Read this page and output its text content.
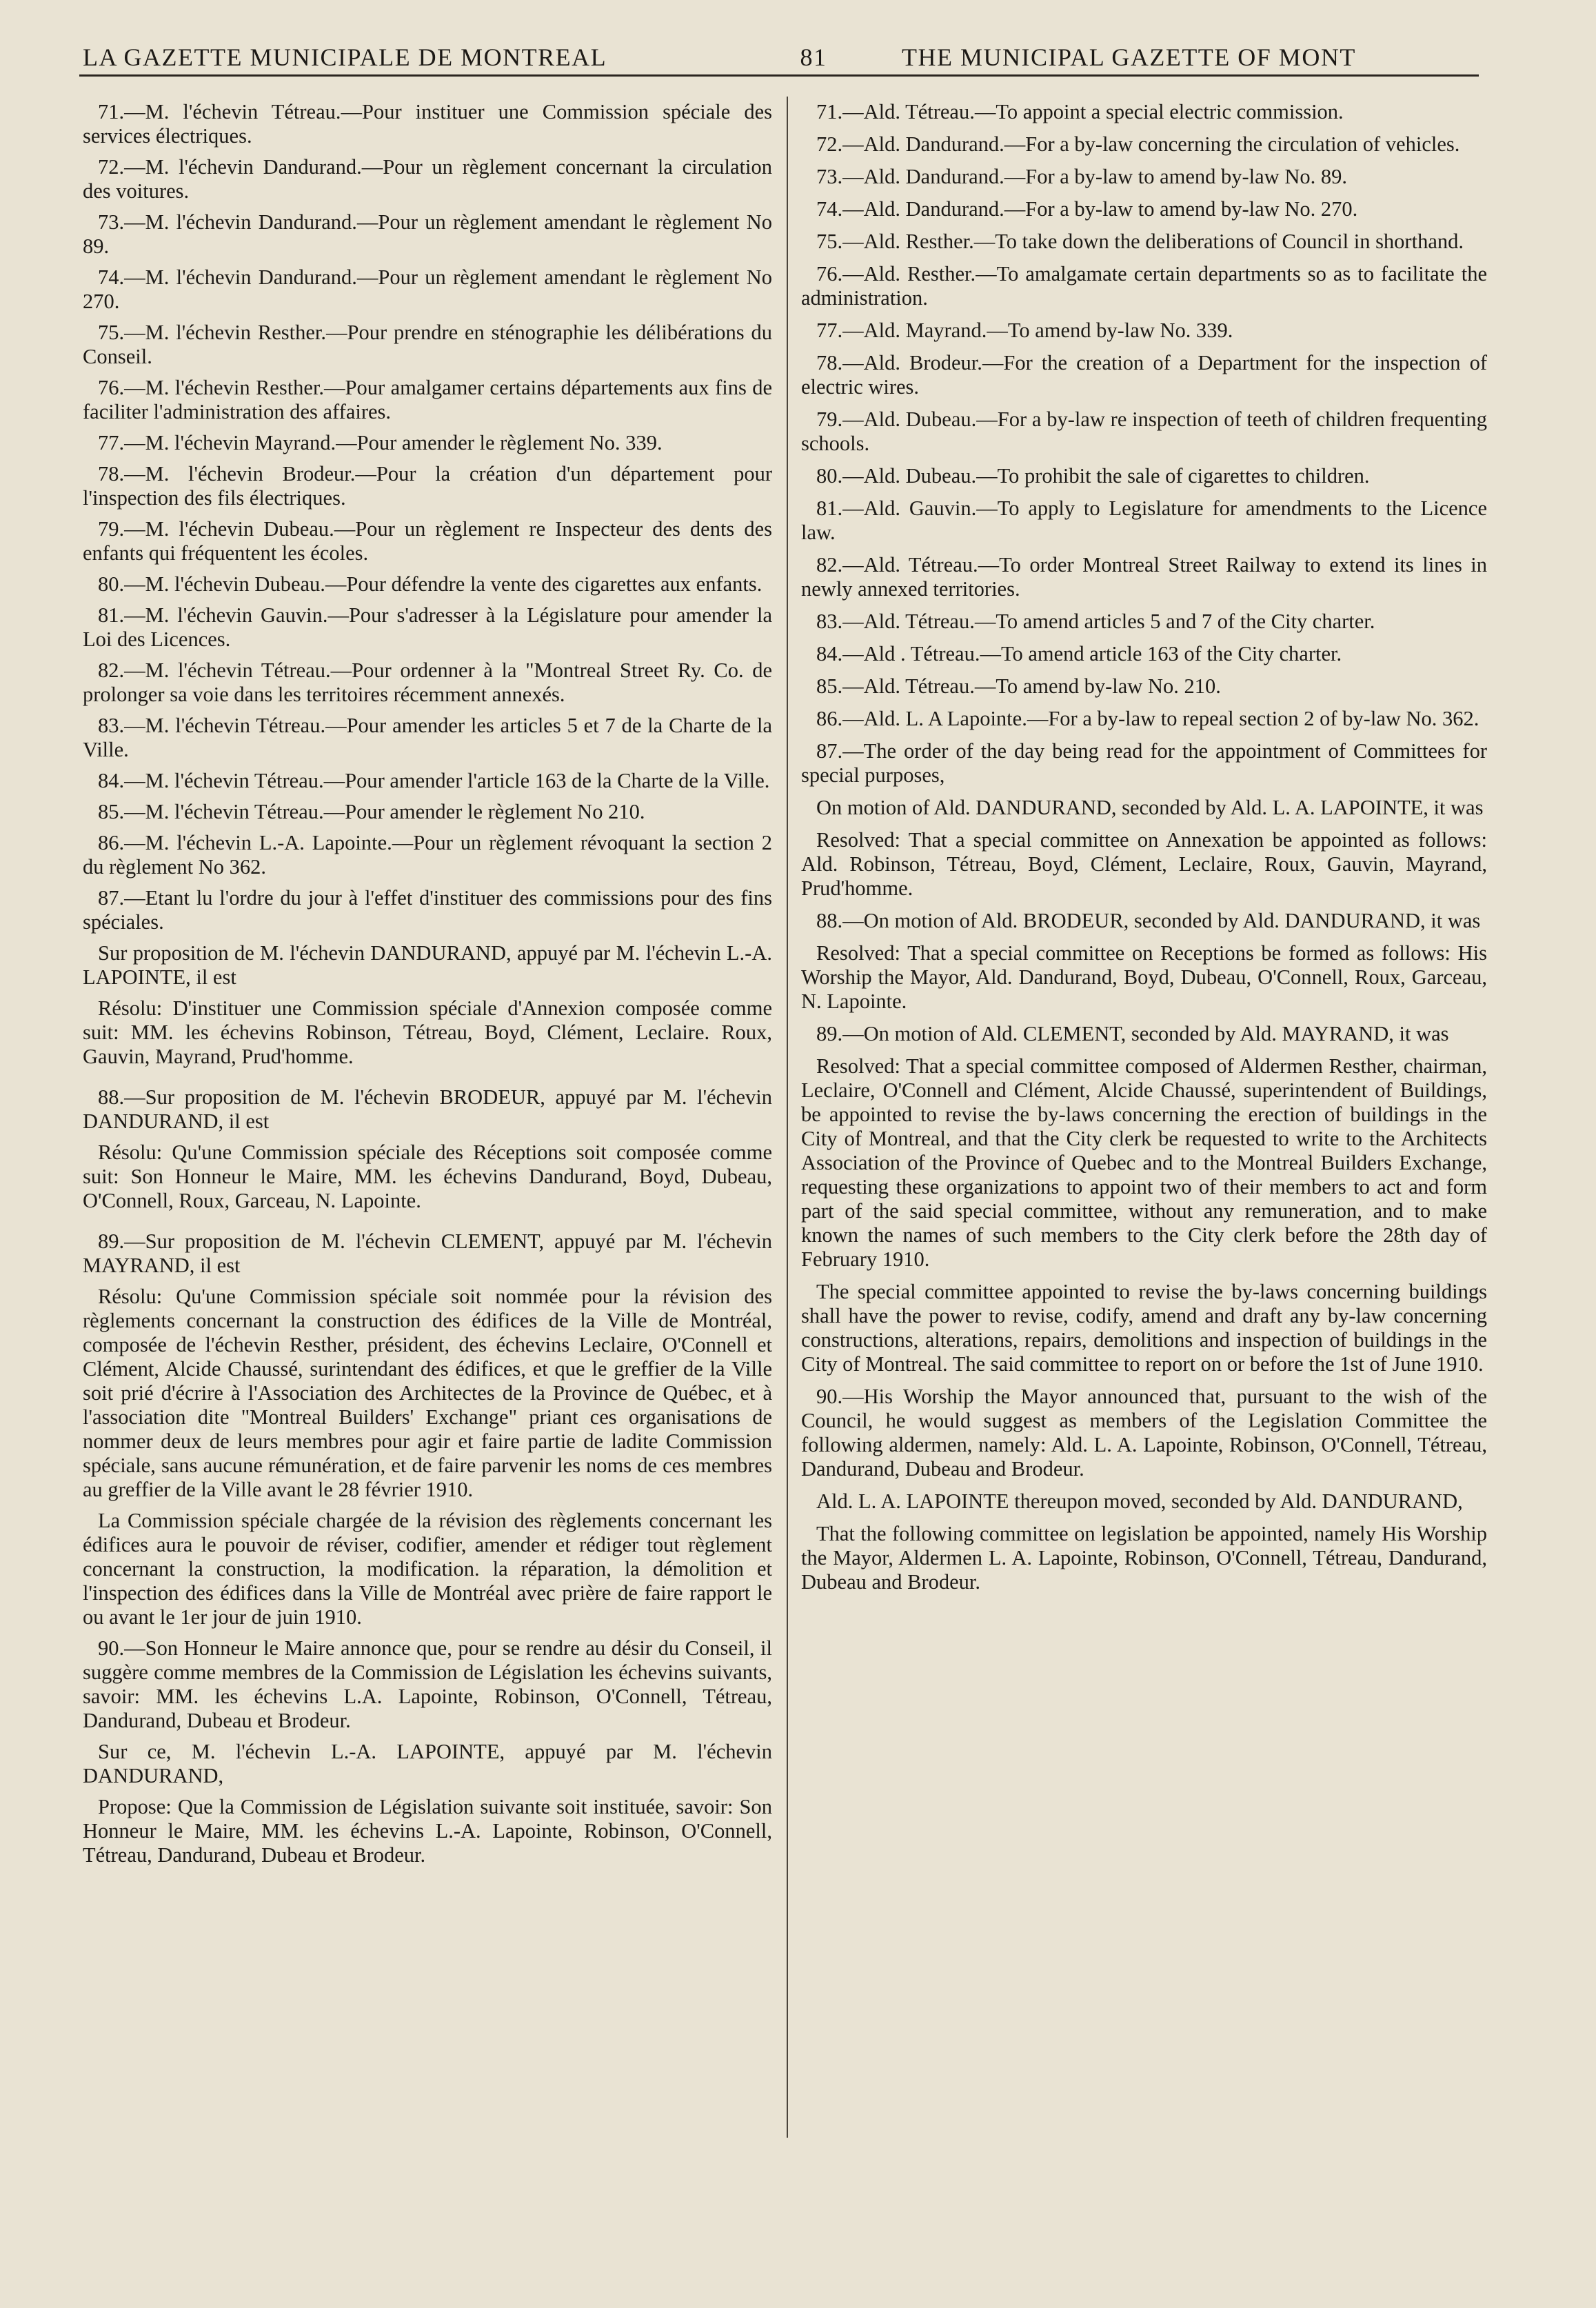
LA GAZETTE MUNICIPALE DE MONTREAL	81	THE MUNICIPAL GAZETTE OF MONT

71.—M. l'échevin Tétreau.—Pour instituer une Commission spéciale des services électriques.

72.—M. l'échevin Dandurand.—Pour un règlement concernant la circulation des voitures.

73.—M. l'échevin Dandurand.—Pour un règlement amendant le règlement No 89.

74.—M. l'échevin Dandurand.—Pour un règlement amendant le règlement No 270.

75.—M. l'échevin Resther.—Pour prendre en sténographie les délibérations du Conseil.

76.—M. l'échevin Resther.—Pour amalgamer certains départements aux fins de faciliter l'administration des affaires.

77.—M. l'échevin Mayrand.—Pour amender le règlement No. 339.

78.—M. l'échevin Brodeur.—Pour la création d'un département pour l'inspection des fils électriques.

79.—M. l'échevin Dubeau.—Pour un règlement re Inspecteur des dents des enfants qui fréquentent les écoles.

80.—M. l'échevin Dubeau.—Pour défendre la vente des cigarettes aux enfants.

81.—M. l'échevin Gauvin.—Pour s'adresser à la Législature pour amender la Loi des Licences.

82.—M. l'échevin Tétreau.—Pour ordenner à la "Montreal Street Ry. Co. de prolonger sa voie dans les territoires récemment annexés.

83.—M. l'échevin Tétreau.—Pour amender les articles 5 et 7 de la Charte de la Ville.

84.—M. l'échevin Tétreau.—Pour amender l'article 163 de la Charte de la Ville.

85.—M. l'échevin Tétreau.—Pour amender le règlement No 210.

86.—M. l'échevin L.-A. Lapointe.—Pour un règlement révoquant la section 2 du règlement No 362.

87.—Etant lu l'ordre du jour à l'effet d'instituer des commissions pour des fins spéciales.

Sur proposition de M. l'échevin DANDURAND, appuyé par M. l'échevin L.-A. LAPOINTE, il est

Résolu: D'instituer une Commission spéciale d'Annexion composée comme suit: MM. les échevins Robinson, Tétreau, Boyd, Clément, Leclaire. Roux, Gauvin, Mayrand, Prud'homme.

88.—Sur proposition de M. l'échevin BRODEUR, appuyé par M. l'échevin DANDURAND, il est

Résolu: Qu'une Commission spéciale des Réceptions soit composée comme suit: Son Honneur le Maire, MM. les échevins Dandurand, Boyd, Dubeau, O'Connell, Roux, Garceau, N. Lapointe.

89.—Sur proposition de M. l'échevin CLEMENT, appuyé par M. l'échevin MAYRAND, il est

Résolu: Qu'une Commission spéciale soit nommée pour la révision des règlements concernant la construction des édifices de la Ville de Montréal, composée de l'échevin Resther, président, des échevins Leclaire, O'Connell et Clément, Alcide Chaussé, surintendant des édifices, et que le greffier de la Ville soit prié d'écrire à l'Association des Architectes de la Province de Québec, et à l'association dite "Montreal Builders' Exchange" priant ces organisations de nommer deux de leurs membres pour agir et faire partie de ladite Commission spéciale, sans aucune rémunération, et de faire parvenir les noms de ces membres au greffier de la Ville avant le 28 février 1910.

La Commission spéciale chargée de la révision des règlements concernant les édifices aura le pouvoir de réviser, codifier, amender et rédiger tout règlement concernant la construction, la modification. la réparation, la démolition et l'inspection des édifices dans la Ville de Montréal avec prière de faire rapport le ou avant le 1er jour de juin 1910.

90.—Son Honneur le Maire annonce que, pour se rendre au désir du Conseil, il suggère comme membres de la Commission de Législation les échevins suivants, savoir: MM. les échevins L.A. Lapointe, Robinson, O'Connell, Tétreau, Dandurand, Dubeau et Brodeur.

Sur ce, M. l'échevin L.-A. LAPOINTE, appuyé par M. l'échevin DANDURAND,

Propose: Que la Commission de Législation suivante soit instituée, savoir: Son Honneur le Maire, MM. les échevins L.-A. Lapointe, Robinson, O'Connell, Tétreau, Dandurand, Dubeau et Brodeur.

71.—Ald. Tétreau.—To appoint a special electric commission.

72.—Ald. Dandurand.—For a by-law concerning the circulation of vehicles.

73.—Ald. Dandurand.—For a by-law to amend by-law No. 89.

74.—Ald. Dandurand.—For a by-law to amend by-law No. 270.

75.—Ald. Resther.—To take down the deliberations of Council in shorthand.

76.—Ald. Resther.—To amalgamate certain departments so as to facilitate the administration.

77.—Ald. Mayrand.—To amend by-law No. 339.

78.—Ald. Brodeur.—For the creation of a Department for the inspection of electric wires.

79.—Ald. Dubeau.—For a by-law re inspection of teeth of children frequenting schools.

80.—Ald. Dubeau.—To prohibit the sale of cigarettes to children.

81.—Ald. Gauvin.—To apply to Legislature for amendments to the Licence law.

82.—Ald. Tétreau.—To order Montreal Street Railway to extend its lines in newly annexed territories.

83.—Ald. Tétreau.—To amend articles 5 and 7 of the City charter.

84.—Ald . Tétreau.—To amend article 163 of the City charter.

85.—Ald. Tétreau.—To amend by-law No. 210.

86.—Ald. L. A Lapointe.—For a by-law to repeal section 2 of by-law No. 362.

87.—The order of the day being read for the appointment of Committees for special purposes,

On motion of Ald. DANDURAND, seconded by Ald. L. A. LAPOINTE, it was

Resolved: That a special committee on Annexation be appointed as follows: Ald. Robinson, Tétreau, Boyd, Clément, Leclaire, Roux, Gauvin, Mayrand, Prud'homme.

88.—On motion of Ald. BRODEUR, seconded by Ald. DANDURAND, it was

Resolved: That a special committee on Receptions be formed as follows: His Worship the Mayor, Ald. Dandurand, Boyd, Dubeau, O'Connell, Roux, Garceau, N. Lapointe.

89.—On motion of Ald. CLEMENT, seconded by Ald. MAYRAND, it was

Resolved: That a special committee composed of Aldermen Resther, chairman, Leclaire, O'Connell and Clément, Alcide Chaussé, superintendent of Buildings, be appointed to revise the by-laws concerning the erection of buildings in the City of Montreal, and that the City clerk be requested to write to the Architects Association of the Province of Quebec and to the Montreal Builders Exchange, requesting these organizations to appoint two of their members to act and form part of the said special committee, without any remuneration, and to make known the names of such members to the City clerk before the 28th day of February 1910.

The special committee appointed to revise the by-laws concerning buildings shall have the power to revise, codify, amend and draft any by-law concerning constructions, alterations, repairs, demolitions and inspection of buildings in the City of Montreal. The said committee to report on or before the 1st of June 1910.

90.—His Worship the Mayor announced that, pursuant to the wish of the Council, he would suggest as members of the Legislation Committee the following aldermen, namely: Ald. L. A. Lapointe, Robinson, O'Connell, Tétreau, Dandurand, Dubeau and Brodeur.

Ald. L. A. LAPOINTE thereupon moved, seconded by Ald. DANDURAND,

That the following committee on legislation be appointed, namely His Worship the Mayor, Aldermen L. A. Lapointe, Robinson, O'Connell, Tétreau, Dandurand, Dubeau and Brodeur.
